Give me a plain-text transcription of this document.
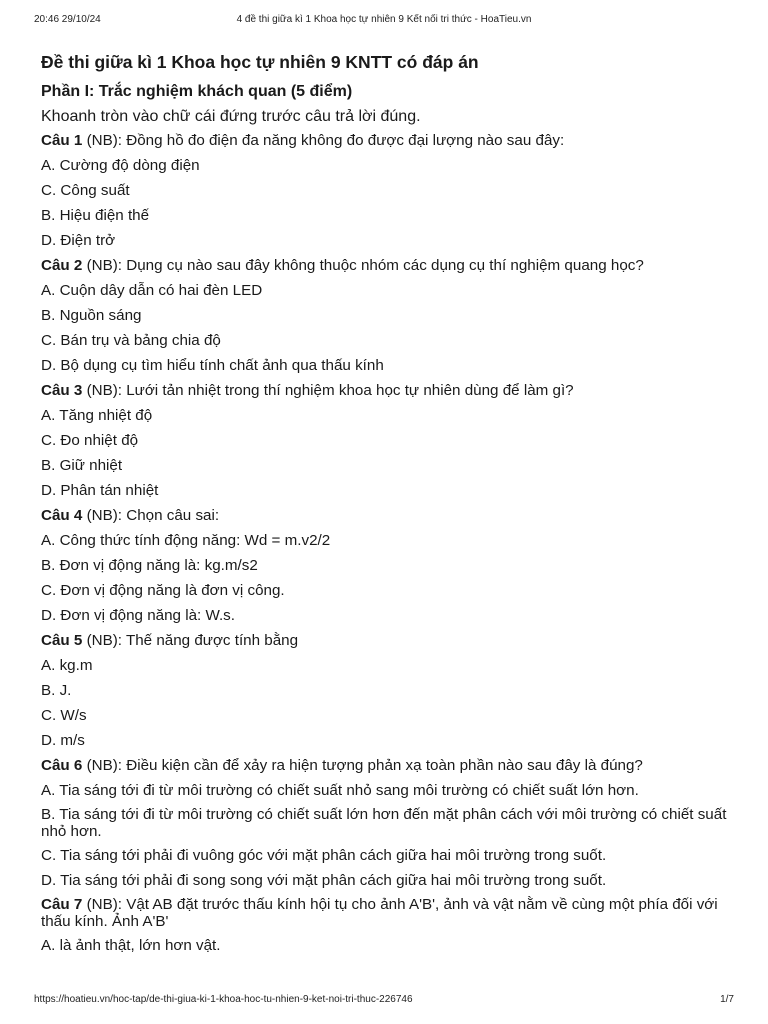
4 đề thi giữa kì 1 Khoa học tự nhiên 9 Kết nối tri thức - HoaTieu.vn
20:46 29/10/24
Đề thi giữa kì 1 Khoa học tự nhiên 9 KNTT có đáp án
Phần I: Trắc nghiệm khách quan (5 điểm)
Khoanh tròn vào chữ cái đứng trước câu trả lời đúng.
Câu 1 (NB): Đồng hồ đo điện đa năng không đo được đại lượng nào sau đây:
A. Cường độ dòng điện
C. Công suất
B. Hiệu điện thế
D. Điện trở
Câu 2 (NB): Dụng cụ nào sau đây không thuộc nhóm các dụng cụ thí nghiệm quang học?
A. Cuộn dây dẫn có hai đèn LED
B. Nguồn sáng
C. Bán trụ và bảng chia độ
D. Bộ dụng cụ tìm hiểu tính chất ảnh qua thấu kính
Câu 3 (NB): Lưới tản nhiệt trong thí nghiệm khoa học tự nhiên dùng để làm gì?
A. Tăng nhiệt độ
C. Đo nhiệt độ
B. Giữ nhiệt
D. Phân tán nhiệt
Câu 4 (NB): Chọn câu sai:
A. Công thức tính động năng: Wd = m.v2/2
B. Đơn vị động năng là: kg.m/s2
C. Đơn vị động năng là đơn vị công.
D. Đơn vị động năng là: W.s.
Câu 5 (NB): Thế năng được tính bằng
A. kg.m
B. J.
C. W/s
D. m/s
Câu 6 (NB): Điều kiện cần để xảy ra hiện tượng phản xạ toàn phần nào sau đây là đúng?
A. Tia sáng tới đi từ môi trường có chiết suất nhỏ sang môi trường có chiết suất lớn hơn.
B. Tia sáng tới đi từ môi trường có chiết suất lớn hơn đến mặt phân cách với môi trường có chiết suất nhỏ hơn.
C. Tia sáng tới phải đi vuông góc với mặt phân cách giữa hai môi trường trong suốt.
D. Tia sáng tới phải đi song song với mặt phân cách giữa hai môi trường trong suốt.
Câu 7 (NB): Vật AB đặt trước thấu kính hội tụ cho ảnh A'B', ảnh và vật nằm về cùng một phía đối với thấu kính. Ảnh A'B'
A. là ảnh thật, lớn hơn vật.
https://hoatieu.vn/hoc-tap/de-thi-giua-ki-1-khoa-hoc-tu-nhien-9-ket-noi-tri-thuc-226746	1/7
